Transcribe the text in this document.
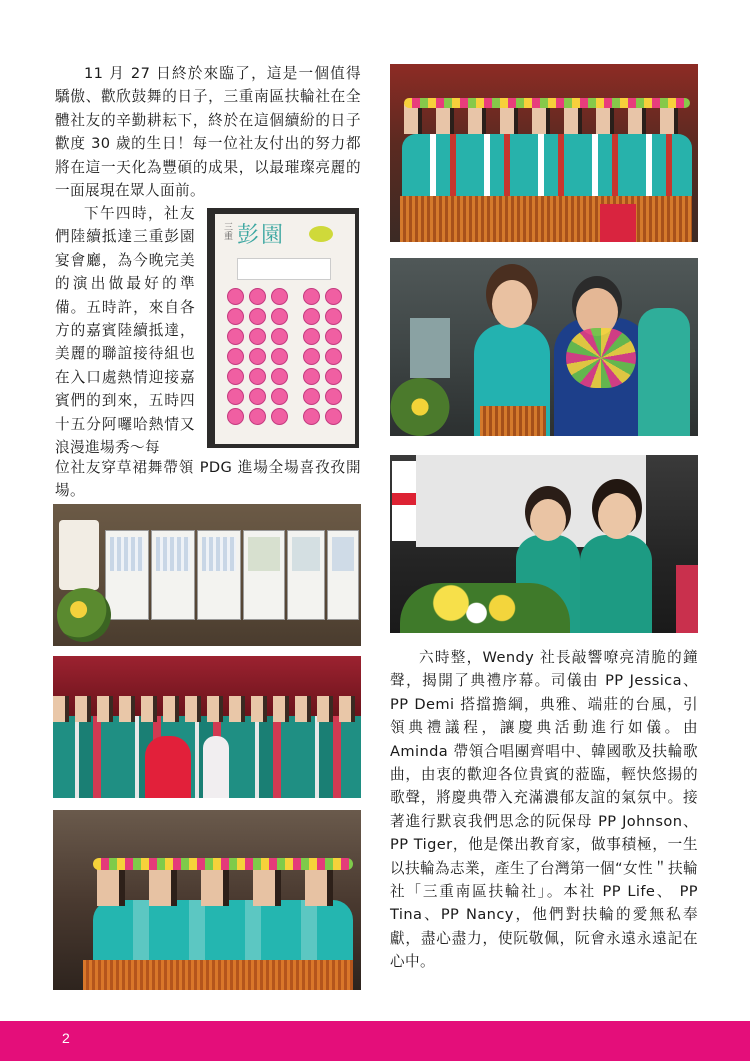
11 月 27 日終於來臨了，這是一個值得驕傲、歡欣鼓舞的日子，三重南區扶輪社在全體社友的辛勤耕耘下，終於在這個續紛的日子歡度 30 歲的生日！每一位社友付出的努力都將在這一天化為豐碩的成果，以最璀璨亮麗的一面展現在眾人面前。

下午四時，社友們陸續抵達三重彭園宴會廳，為今晚完美的演出做最好的準備。五時許，來自各方的嘉賓陸續抵達，美麗的聯誼接待組也在入口處熱情迎接嘉賓們的到來，五時四十五分阿囉哈熱情又浪漫進場秀～每

位社友穿草裙舞帶領 PDG 進場全場喜孜孜開場。

三重 彭園

六時整，Wendy 社長敲響嘹亮清脆的鐘聲，揭開了典禮序幕。司儀由 PP Jessica、PP Demi 搭擋擔綱，典雅、端莊的台風，引領典禮議程，讓慶典活動進行如儀。由 Aminda 帶領合唱團齊唱中、韓國歌及扶輪歌曲，由衷的歡迎各位貴賓的蒞臨，輕快悠揚的歌聲，將慶典帶入充滿濃郁友誼的氣氛中。接著進行默哀我們思念的阮保母 PP Johnson、PP Tiger，他是傑出教育家，做事積極，一生以扶輪為志業，產生了台灣第一個“女性＂扶輪社「三重南區扶輪社」。本社 PP Life、 PP Tina、PP Nancy，他們對扶輪的愛無私奉獻，盡心盡力，使阮敬佩，阮會永遠永遠記在心中。

2
